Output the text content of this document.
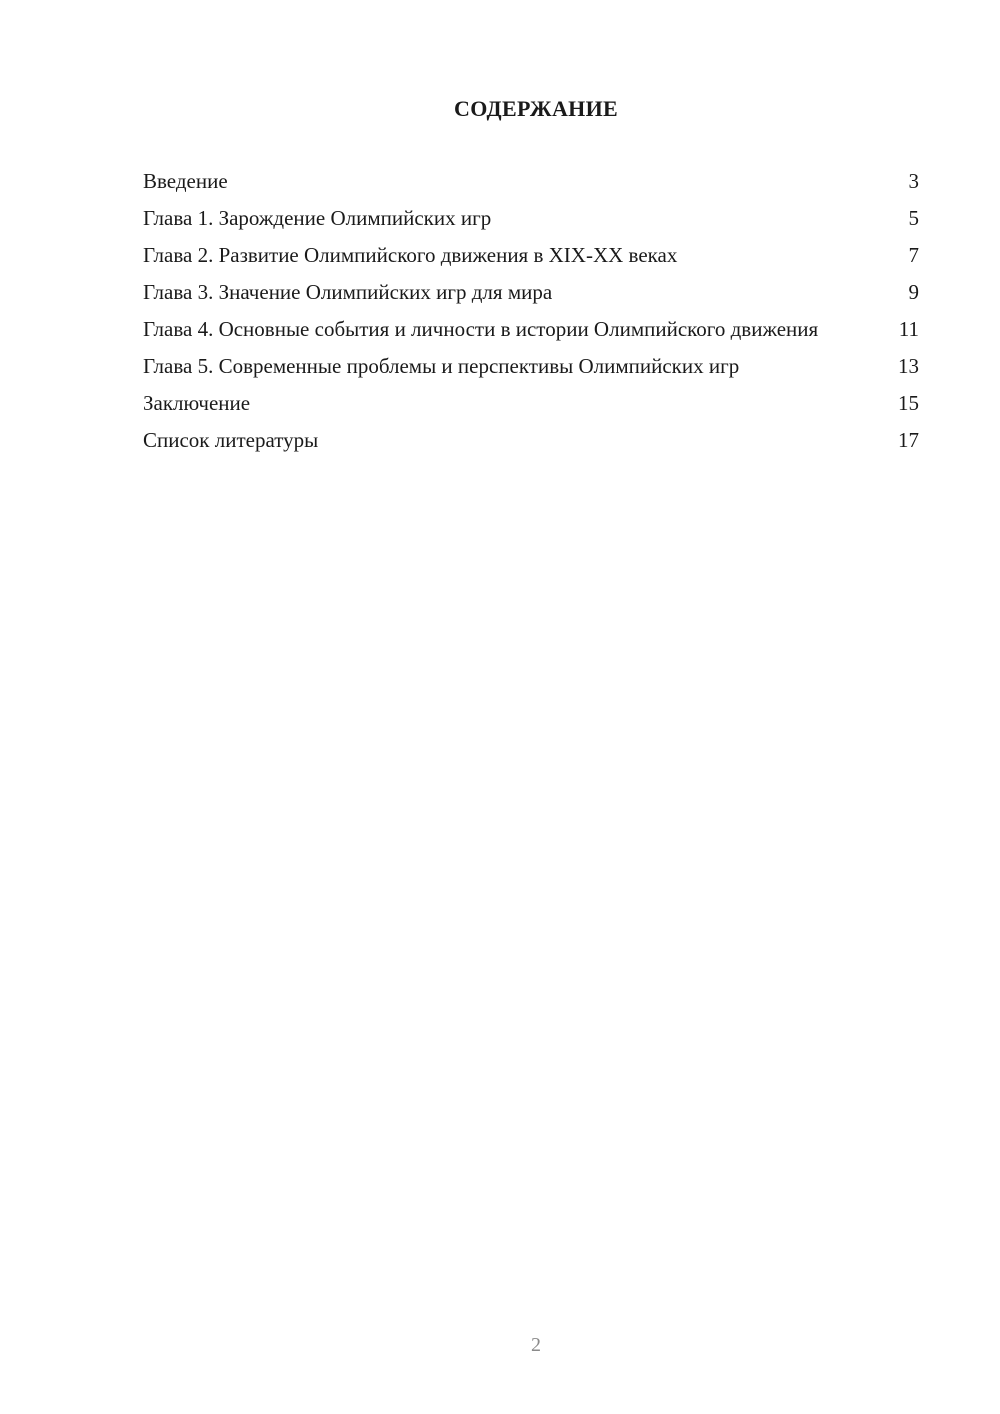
СОДЕРЖАНИЕ
Введение	3
Глава 1. Зарождение Олимпийских игр	5
Глава 2. Развитие Олимпийского движения в XIX-XX веках	7
Глава 3. Значение Олимпийских игр для мира	9
Глава 4. Основные события и личности в истории Олимпийского движения	11
Глава 5. Современные проблемы и перспективы Олимпийских игр	13
Заключение	15
Список литературы	17
2
